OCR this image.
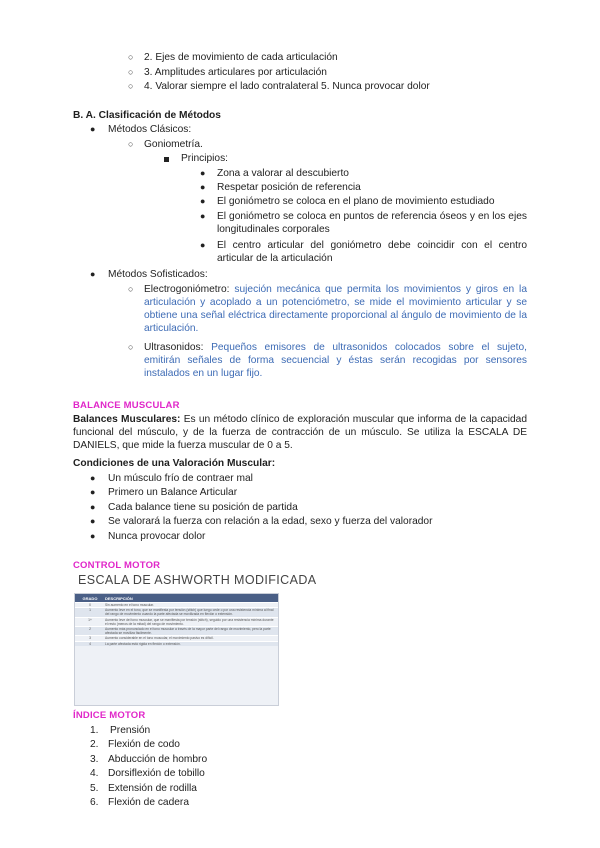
○ 2. Ejes de movimiento de cada articulación
○ 3. Amplitudes articulares por articulación
○ 4. Valorar siempre el lado contralateral 5. Nunca provocar dolor
B. A. Clasificación de Métodos
● Métodos Clásicos:
○ Goniometría.
Principios:
● Zona a valorar al descubierto
● Respetar posición de referencia
● El goniómetro se coloca en el plano de movimiento estudiado
● El goniómetro se coloca en puntos de referencia óseos y en los ejes longitudinales corporales
● El centro articular del goniómetro debe coincidir con el centro articular de la articulación
● Métodos Sofisticados:
○ Electrogoniómetro: sujeción mecánica que permita los movimientos y giros en la articulación y acoplado a un potenciómetro, se mide el movimiento articular y se obtiene una señal eléctrica directamente proporcional al ángulo de movimiento de la articulación.
○ Ultrasonidos: Pequeños emisores de ultrasonidos colocados sobre el sujeto, emitirán señales de forma secuencial y éstas serán recogidas por sensores instalados en un lugar fijo.
BALANCE MUSCULAR
Balances Musculares: Es un método clínico de exploración muscular que informa de la capacidad funcional del músculo, y de la fuerza de contracción de un músculo. Se utiliza la ESCALA DE DANIELS, que mide la fuerza muscular de 0 a 5.
Condiciones de una Valoración Muscular:
● Un músculo frío de contraer mal
● Primero un Balance Articular
● Cada balance tiene su posición de partida
● Se valorará la fuerza con relación a la edad, sexo y fuerza del valorador
● Nunca provocar dolor
CONTROL MOTOR
ESCALA DE ASHWORTH MODIFICADA
GRADO	DESCRIPCIÓN
0	Sin aumento en el tono muscular.
1	Aumento leve en el tono, que se manifiesta por tensión (stitch) que luego cede o por una resistencia mínima al final del rango de movimiento cuando la parte afectada se movilizada en flexión o extensión.
1+	Aumento leve del tono muscular, que se manifiesta por tensión (stitch), seguido por una resistencia mínima durante el resto (menos de la mitad) del rango de movimiento.
2	Aumento más pronunciado en el tono muscular a través de la mayor parte del rango de movimiento, pero la parte afectada se moviliza fácilmente.
3	Aumento considerable en el tono muscular, el movimiento pasivo es difícil.
4	La parte afectada está rígida en flexión o extensión.
ÍNDICE MOTOR
1. Prensión
2. Flexión de codo
3. Abducción de hombro
4. Dorsiflexión de tobillo
5. Extensión de rodilla
6. Flexión de cadera
